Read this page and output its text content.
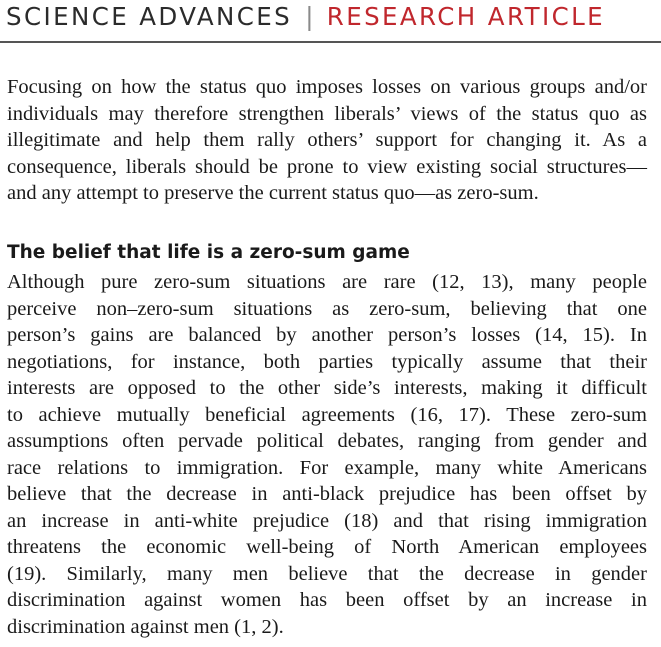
SCIENCE ADVANCES | RESEARCH ARTICLE

Focusing on how the status quo imposes losses on various groups and/or
individuals may therefore strengthen liberals’ views of the status quo as
illegitimate and help them rally others’ support for changing it. As a
consequence, liberals should be prone to view existing social structures—
and any attempt to preserve the current status quo—as zero-sum.

The belief that life is a zero-sum game

Although pure zero-sum situations are rare (12, 13), many people
perceive non–zero-sum situations as zero-sum, believing that one
person’s gains are balanced by another person’s losses (14, 15). In
negotiations, for instance, both parties typically assume that their
interests are opposed to the other side’s interests, making it difficult
to achieve mutually beneficial agreements (16, 17). These zero-sum
assumptions often pervade political debates, ranging from gender and
race relations to immigration. For example, many white Americans
believe that the decrease in anti-black prejudice has been offset by
an increase in anti-white prejudice (18) and that rising immigration
threatens the economic well-being of North American employees
(19). Similarly, many men believe that the decrease in gender
discrimination against women has been offset by an increase in
discrimination against men (1, 2).
